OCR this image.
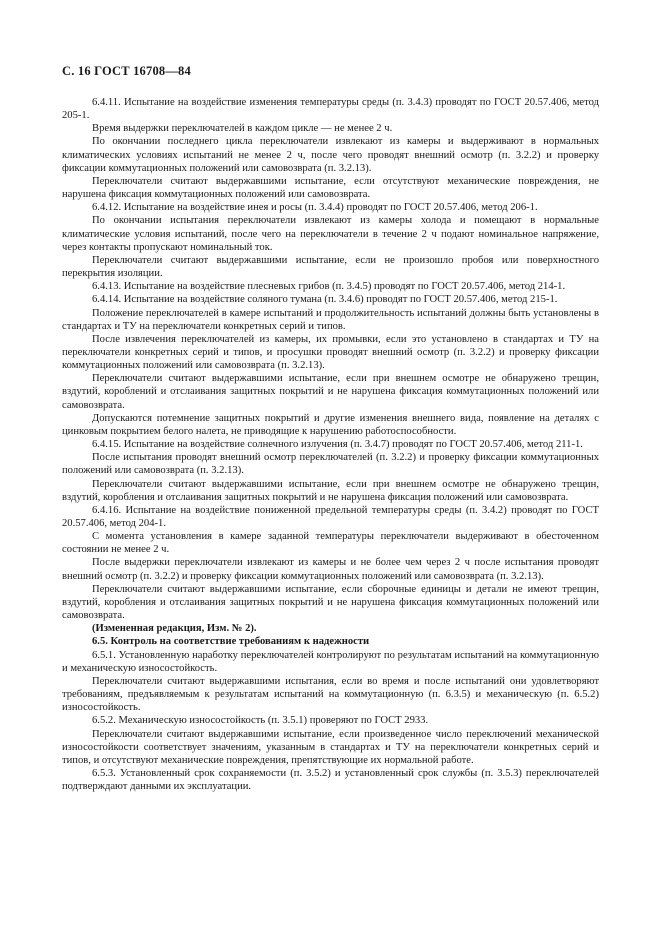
С. 16 ГОСТ 16708—84

6.4.11. Испытание на воздействие изменения температуры среды (п. 3.4.3) проводят по ГОСТ 20.57.406, метод 205-1.

Время выдержки переключателей в каждом цикле — не менее 2 ч.

По окончании последнего цикла переключатели извлекают из камеры и выдерживают в нормальных климатических условиях испытаний не менее 2 ч, после чего проводят внешний осмотр (п. 3.2.2) и проверку фиксации коммутационных положений или самовозврата (п. 3.2.13).

Переключатели считают выдержавшими испытание, если отсутствуют механические повреждения, не нарушена фиксация коммутационных положений или самовозврата.

6.4.12. Испытание на воздействие инея и росы (п. 3.4.4) проводят по ГОСТ 20.57.406, метод 206-1.

По окончании испытания переключатели извлекают из камеры холода и помещают в нормальные климатические условия испытаний, после чего на переключатели в течение 2 ч подают номинальное напряжение, через контакты пропускают номинальный ток.

Переключатели считают выдержавшими испытание, если не произошло пробоя или поверхностного перекрытия изоляции.

6.4.13. Испытание на воздействие плесневых грибов (п. 3.4.5) проводят по ГОСТ 20.57.406, метод 214-1.

6.4.14. Испытание на воздействие соляного тумана (п. 3.4.6) проводят по ГОСТ 20.57.406, метод 215-1.

Положение переключателей в камере испытаний и продолжительность испытаний должны быть установлены в стандартах и ТУ на переключатели конкретных серий и типов.

После извлечения переключателей из камеры, их промывки, если это установлено в стандартах и ТУ на переключатели конкретных серий и типов, и просушки проводят внешний осмотр (п. 3.2.2) и проверку фиксации коммутационных положений или самовозврата (п. 3.2.13).

Переключатели считают выдержавшими испытание, если при внешнем осмотре не обнаружено трещин, вздутий, короблений и отслаивания защитных покрытий и не нарушена фиксация коммутационных положений или самовозврата.

Допускаются потемнение защитных покрытий и другие изменения внешнего вида, появление на деталях с цинковым покрытием белого налета, не приводящие к нарушению работоспособности.

6.4.15. Испытание на воздействие солнечного излучения (п. 3.4.7) проводят по ГОСТ 20.57.406, метод 211-1.

После испытания проводят внешний осмотр переключателей (п. 3.2.2) и проверку фиксации коммутационных положений или самовозврата (п. 3.2.13).

Переключатели считают выдержавшими испытание, если при внешнем осмотре не обнаружено трещин, вздутий, коробления и отслаивания защитных покрытий и не нарушена фиксация положений или самовозврата.

6.4.16. Испытание на воздействие пониженной предельной температуры среды (п. 3.4.2) проводят по ГОСТ 20.57.406, метод 204-1.

С момента установления в камере заданной температуры переключатели выдерживают в обесточенном состоянии не менее 2 ч.

После выдержки переключатели извлекают из камеры и не более чем через 2 ч после испытания проводят внешний осмотр (п. 3.2.2) и проверку фиксации коммутационных положений или самовозврата (п. 3.2.13).

Переключатели считают выдержавшими испытание, если сборочные единицы и детали не имеют трещин, вздутий, коробления и отслаивания защитных покрытий и не нарушена фиксация коммутационных положений или самовозврата.

(Измененная редакция, Изм. № 2).

6.5. Контроль на соответствие требованиям к надежности

6.5.1. Установленную наработку переключателей контролируют по результатам испытаний на коммутационную и механическую износостойкость.

Переключатели считают выдержавшими испытания, если во время и после испытаний они удовлетворяют требованиям, предъявляемым к результатам испытаний на коммутационную (п. 6.3.5) и механическую (п. 6.5.2) износостойкость.

6.5.2. Механическую износостойкость (п. 3.5.1) проверяют по ГОСТ 2933.

Переключатели считают выдержавшими испытание, если произведенное число переключений механической износостойкости соответствует значениям, указанным в стандартах и ТУ на переключатели конкретных серий и типов, и отсутствуют механические повреждения, препятствующие их нормальной работе.

6.5.3. Установленный срок сохраняемости (п. 3.5.2) и установленный срок службы (п. 3.5.3) переключателей подтверждают данными их эксплуатации.
